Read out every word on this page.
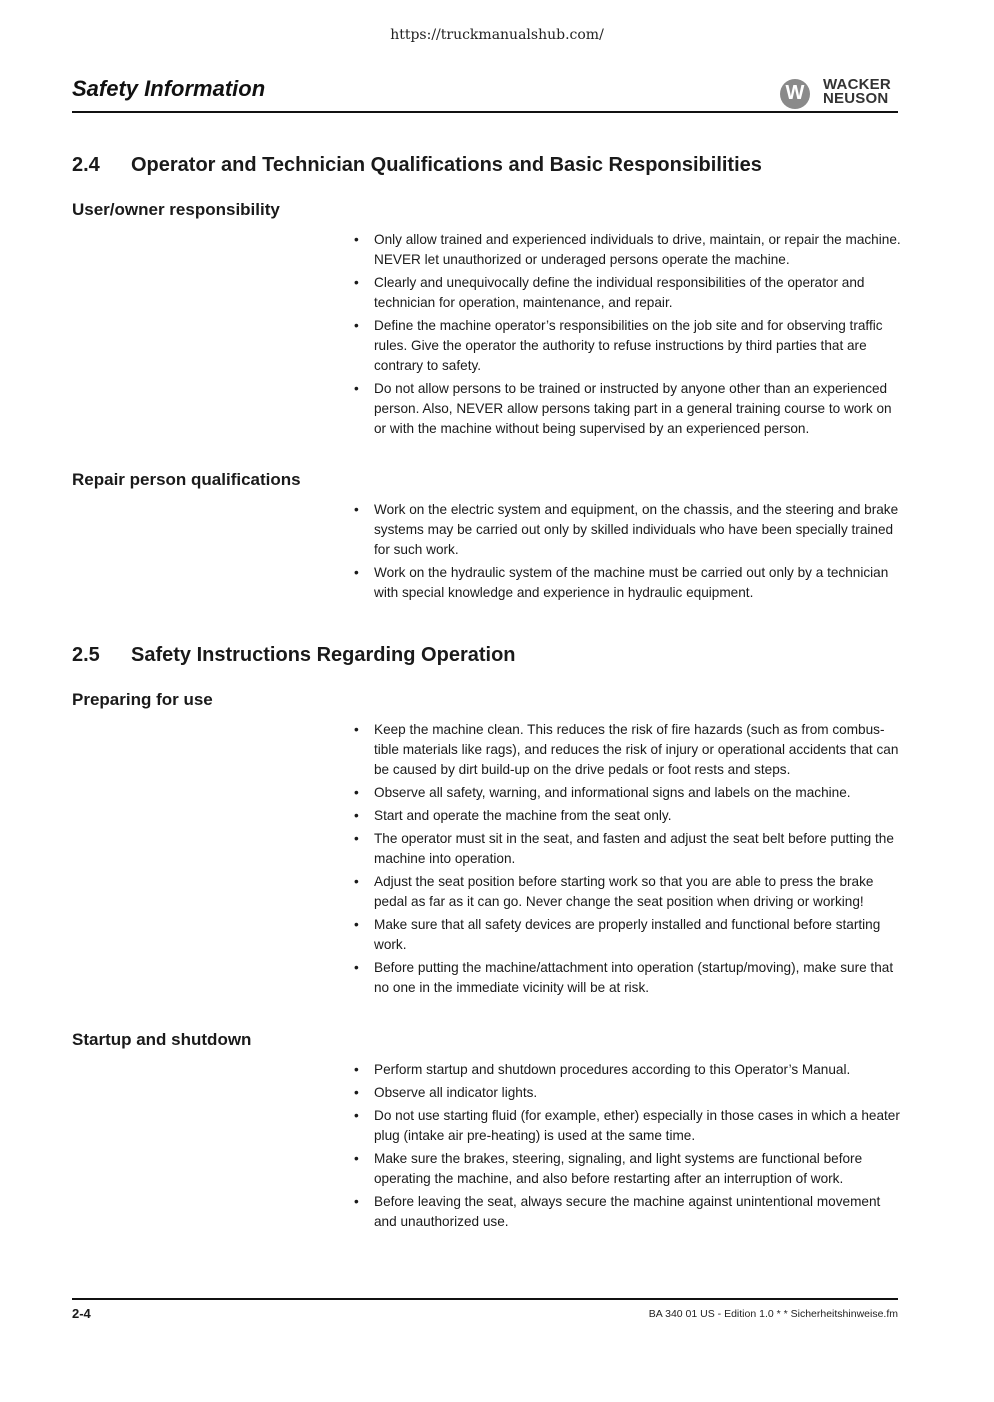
https://truckmanualshub.com/
Safety Information	W	WACKER
NEUSON
2.4 Operator and Technician Qualifications and Basic Responsibilities
User/owner responsibility
• Only allow trained and experienced individuals to drive, maintain, or repair the machine. NEVER let unauthorized or underaged persons operate the machine.
• Clearly and unequivocally define the individual responsibilities of the operator and technician for operation, maintenance, and repair.
• Define the machine operator’s responsibilities on the job site and for observing traffic rules. Give the operator the authority to refuse instructions by third parties that are contrary to safety.
• Do not allow persons to be trained or instructed by anyone other than an experienced person. Also, NEVER allow persons taking part in a general training course to work on or with the machine without being supervised by an experienced person.
Repair person qualifications
• Work on the electric system and equipment, on the chassis, and the steering and brake systems may be carried out only by skilled individuals who have been specially trained for such work.
• Work on the hydraulic system of the machine must be carried out only by a technician with special knowledge and experience in hydraulic equipment.
2.5 Safety Instructions Regarding Operation
Preparing for use
• Keep the machine clean. This reduces the risk of fire hazards (such as from combus-tible materials like rags), and reduces the risk of injury or operational accidents that can be caused by dirt build-up on the drive pedals or foot rests and steps.
• Observe all safety, warning, and informational signs and labels on the machine.
• Start and operate the machine from the seat only.
• The operator must sit in the seat, and fasten and adjust the seat belt before putting the machine into operation.
• Adjust the seat position before starting work so that you are able to press the brake pedal as far as it can go. Never change the seat position when driving or working!
• Make sure that all safety devices are properly installed and functional before starting work.
• Before putting the machine/attachment into operation (startup/moving), make sure that no one in the immediate vicinity will be at risk.
Startup and shutdown
• Perform startup and shutdown procedures according to this Operator’s Manual.
• Observe all indicator lights.
• Do not use starting fluid (for example, ether) especially in those cases in which a heater plug (intake air pre-heating) is used at the same time.
• Make sure the brakes, steering, signaling, and light systems are functional before operating the machine, and also before restarting after an interruption of work.
• Before leaving the seat, always secure the machine against unintentional movement and unauthorized use.
2-4	BA 340 01 US - Edition 1.0 * * Sicherheitshinweise.fm
